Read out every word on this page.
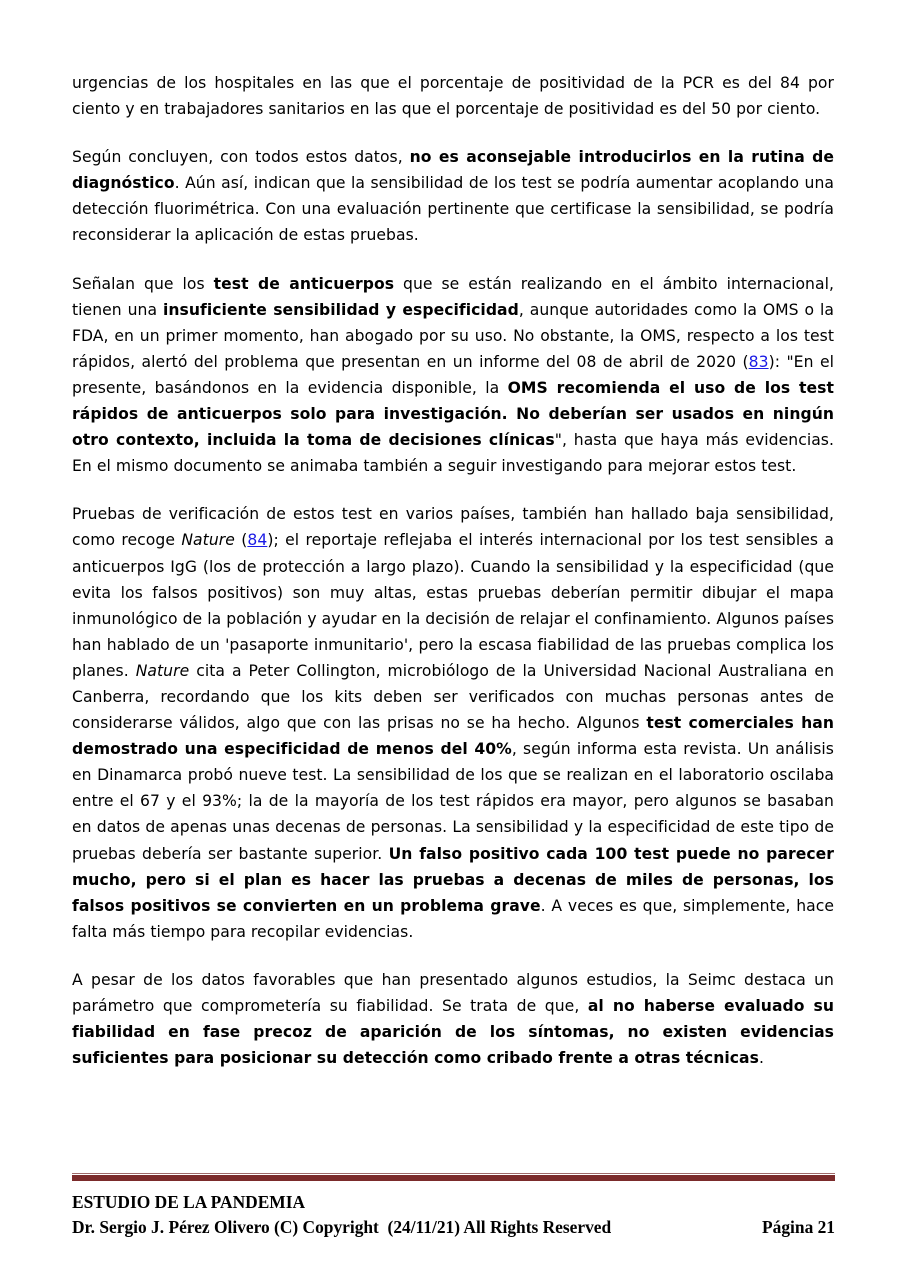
urgencias de los hospitales en las que el porcentaje de positividad de la PCR es del 84 por ciento y en trabajadores sanitarios en las que el porcentaje de positividad es del 50 por ciento.

Según concluyen, con todos estos datos, no es aconsejable introducirlos en la rutina de diagnóstico. Aún así, indican que la sensibilidad de los test se podría aumentar acoplando una detección fluorimétrica. Con una evaluación pertinente que certificase la sensibilidad, se podría reconsiderar la aplicación de estas pruebas.

Señalan que los test de anticuerpos que se están realizando en el ámbito internacional, tienen una insuficiente sensibilidad y especificidad, aunque autoridades como la OMS o la FDA, en un primer momento, han abogado por su uso. No obstante, la OMS, respecto a los test rápidos, alertó del problema que presentan en un informe del 08 de abril de 2020 (83): "En el presente, basándonos en la evidencia disponible, la OMS recomienda el uso de los test rápidos de anticuerpos solo para investigación. No deberían ser usados en ningún otro contexto, incluida la toma de decisiones clínicas", hasta que haya más evidencias. En el mismo documento se animaba también a seguir investigando para mejorar estos test.

Pruebas de verificación de estos test en varios países, también han hallado baja sensibilidad, como recoge Nature (84); el reportaje reflejaba el interés internacional por los test sensibles a anticuerpos IgG (los de protección a largo plazo). Cuando la sensibilidad y la especificidad (que evita los falsos positivos) son muy altas, estas pruebas deberían permitir dibujar el mapa inmunológico de la población y ayudar en la decisión de relajar el confinamiento. Algunos países han hablado de un 'pasaporte inmunitario', pero la escasa fiabilidad de las pruebas complica los planes. Nature cita a Peter Collington, microbiólogo de la Universidad Nacional Australiana en Canberra, recordando que los kits deben ser verificados con muchas personas antes de considerarse válidos, algo que con las prisas no se ha hecho. Algunos test comerciales han demostrado una especificidad de menos del 40%, según informa esta revista. Un análisis en Dinamarca probó nueve test. La sensibilidad de los que se realizan en el laboratorio oscilaba entre el 67 y el 93%; la de la mayoría de los test rápidos era mayor, pero algunos se basaban en datos de apenas unas decenas de personas. La sensibilidad y la especificidad de este tipo de pruebas debería ser bastante superior. Un falso positivo cada 100 test puede no parecer mucho, pero si el plan es hacer las pruebas a decenas de miles de personas, los falsos positivos se convierten en un problema grave. A veces es que, simplemente, hace falta más tiempo para recopilar evidencias.

A pesar de los datos favorables que han presentado algunos estudios, la Seimc destaca un parámetro que comprometería su fiabilidad. Se trata de que, al no haberse evaluado su fiabilidad en fase precoz de aparición de los síntomas, no existen evidencias suficientes para posicionar su detección como cribado frente a otras técnicas.

ESTUDIO DE LA PANDEMIA
Dr. Sergio J. Pérez Olivero (C) Copyright  (24/11/21) All Rights Reserved	Página 21
